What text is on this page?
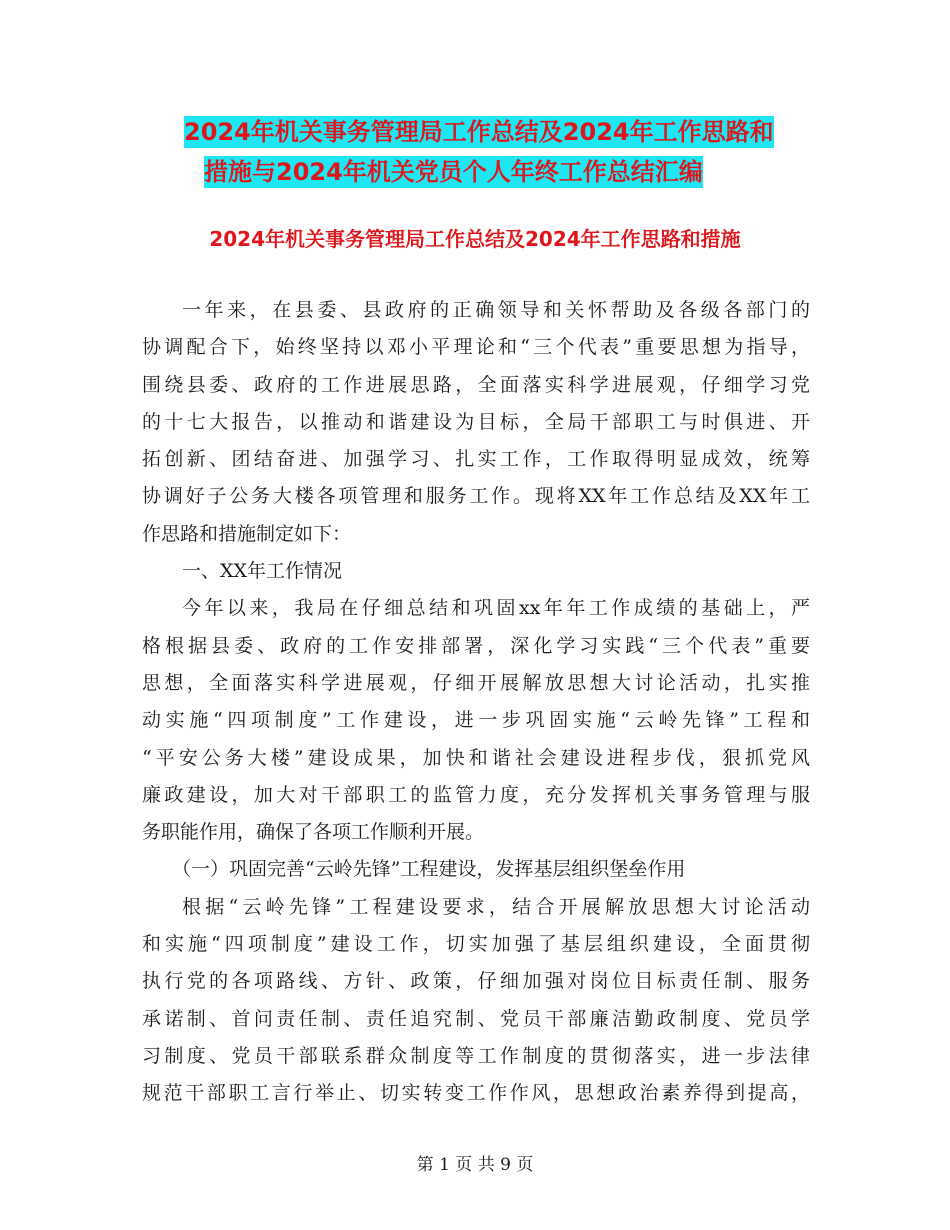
2024年机关事务管理局工作总结及2024年工作思路和
措施与2024年机关党员个人年终工作总结汇编
2024年机关事务管理局工作总结及2024年工作思路和措施
一年来，在县委、县政府的正确领导和关怀帮助及各级各部门的
协调配合下，始终坚持以邓小平理论和“三个代表”重要思想为指导，
围绕县委、政府的工作进展思路，全面落实科学进展观，仔细学习党
的十七大报告，以推动和谐建设为目标，全局干部职工与时俱进、开
拓创新、团结奋进、加强学习、扎实工作，工作取得明显成效，统筹
协调好子公务大楼各项管理和服务工作。现将XX年工作总结及XX年工
作思路和措施制定如下：
一、XX年工作情况
今年以来，我局在仔细总结和巩固xx年年工作成绩的基础上，严
格根据县委、政府的工作安排部署，深化学习实践“三个代表”重要
思想，全面落实科学进展观，仔细开展解放思想大讨论活动，扎实推
动实施“四项制度”工作建设，进一步巩固实施“云岭先锋”工程和
“平安公务大楼”建设成果，加快和谐社会建设进程步伐，狠抓党风
廉政建设，加大对干部职工的监管力度，充分发挥机关事务管理与服
务职能作用，确保了各项工作顺利开展。
（一）巩固完善“云岭先锋”工程建设，发挥基层组织堡垒作用
根据“云岭先锋”工程建设要求，结合开展解放思想大讨论活动
和实施“四项制度”建设工作，切实加强了基层组织建设，全面贯彻
执行党的各项路线、方针、政策，仔细加强对岗位目标责任制、服务
承诺制、首问责任制、责任追究制、党员干部廉洁勤政制度、党员学
习制度、党员干部联系群众制度等工作制度的贯彻落实，进一步法律
规范干部职工言行举止、切实转变工作作风，思想政治素养得到提高，
第 1 页 共 9 页
